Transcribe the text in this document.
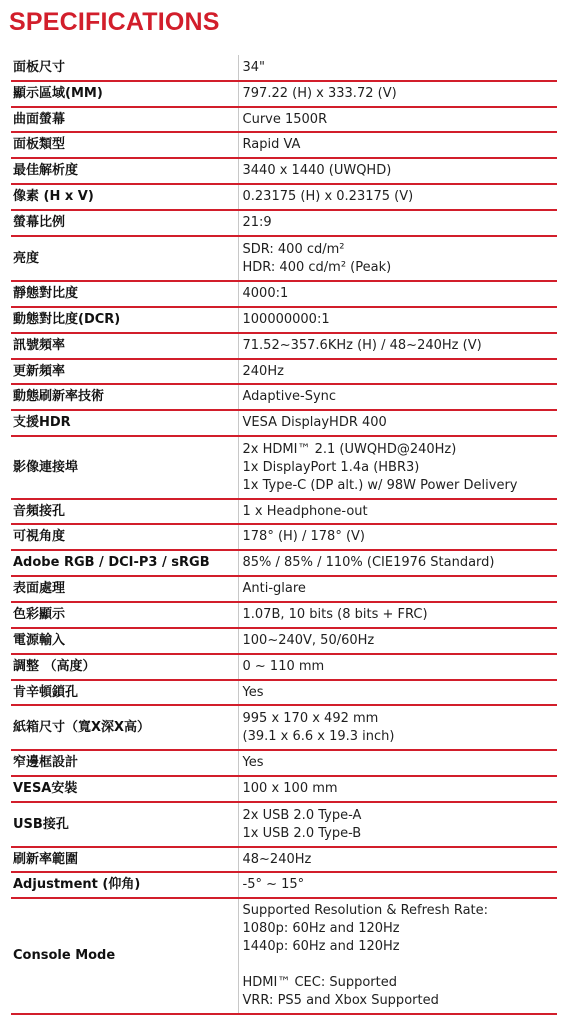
SPECIFICATIONS
面板尺寸	34"

顯示區域(MM)	797.22 (H) x 333.72 (V)

曲面螢幕	Curve 1500R

面板類型	Rapid VA

最佳解析度	3440 x 1440 (UWQHD)

像素 (H x V)	0.23175 (H) x 0.23175 (V)

螢幕比例	21:9

亮度	SDR: 400 cd/m²
HDR: 400 cd/m² (Peak)

靜態對比度	4000:1

動態對比度(DCR)	100000000:1

訊號頻率	71.52~357.6KHz (H) / 48~240Hz (V)

更新頻率	240Hz

動態刷新率技術	Adaptive-Sync

支援HDR	VESA DisplayHDR 400

影像連接埠	2x HDMI™ 2.1 (UWQHD@240Hz)
1x DisplayPort 1.4a (HBR3)
1x Type-C (DP alt.) w/ 98W Power Delivery

音頻接孔	1 x Headphone-out

可視角度	178° (H) / 178° (V)

Adobe RGB / DCI-P3 / sRGB	85% / 85% / 110% (CIE1976 Standard)

表面處理	Anti-glare

色彩顯示	1.07B, 10 bits (8 bits + FRC)

電源輸入	100~240V, 50/60Hz

調整 （高度）	0 ~ 110 mm

肯辛頓鎖孔	Yes

紙箱尺寸（寬X深X高）	995 x 170 x 492 mm
(39.1 x 6.6 x 19.3 inch)

窄邊框設計	Yes

VESA安裝	100 x 100 mm

USB接孔	2x USB 2.0 Type-A
1x USB 2.0 Type-B

刷新率範圍	48~240Hz

Adjustment (仰角)	-5° ~ 15°

Console Mode	Supported Resolution & Refresh Rate:
1080p: 60Hz and 120Hz
1440p: 60Hz and 120Hz
HDMI™ CEC: Supported
VRR: PS5 and Xbox Supported
